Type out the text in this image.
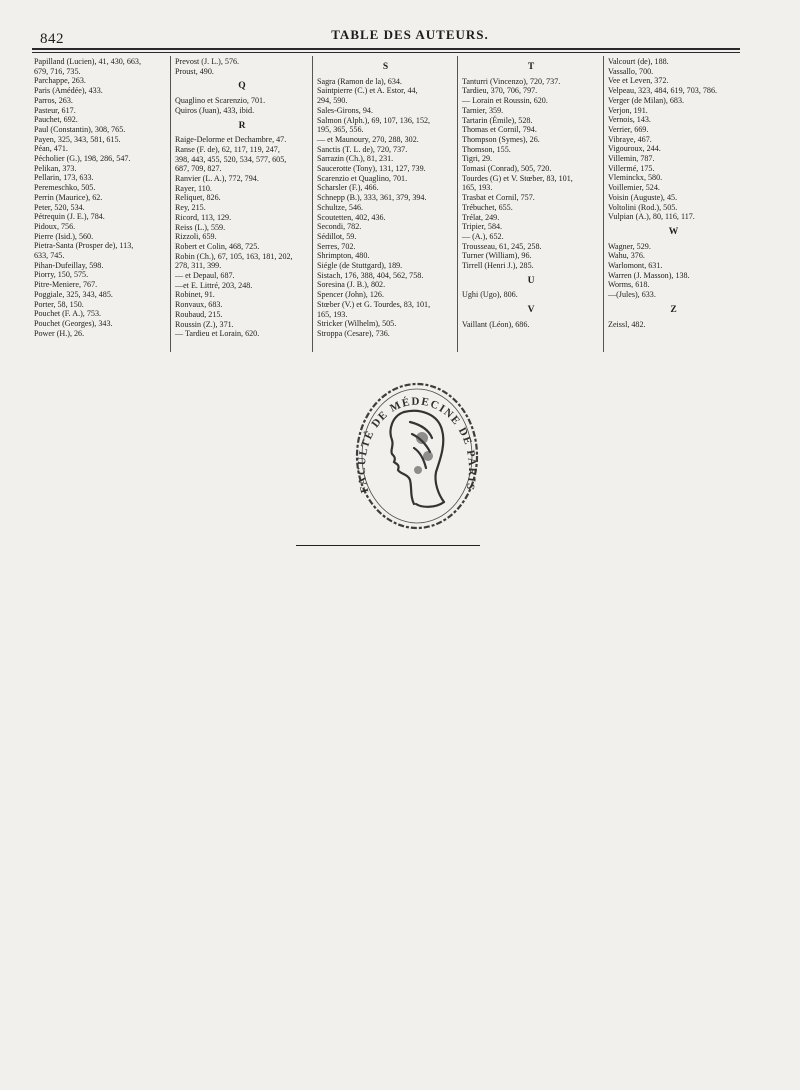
842	TABLE DES AUTEURS.
Papilland (Lucien), 41, 430, 663,
679, 716, 735.
Parchappe, 263.
Paris (Amédée), 433.
Parros, 263.
Pasteur, 617.
Pauchet, 692.
Paul (Constantin), 308, 765.
Payen, 325, 343, 581, 615.
Péan, 471.
Pécholier (G.), 198, 286, 547.
Pelikan, 373.
Pellarin, 173, 633.
Peremeschko, 505.
Perrin (Maurice), 62.
Peter, 520, 534.
Pétrequin (J. E.), 784.
Pidoux, 756.
Pierre (Isid.), 560.
Pietra-Santa (Prosper de), 113,
633, 745.
Pihan-Dufeillay, 598.
Piorry, 150, 575.
Pitre-Meniere, 767.
Poggiale, 325, 343, 485.
Porter, 58, 150.
Pouchet (F. A.), 753.
Pouchet (Georges), 343.
Power (H.), 26.
Prevost (J. L.), 576.
Proust, 490.
Q
Quaglino et Scarenzio, 701.
Quiros (Juan), 433, ibid.
R
Raige-Delorme et Dechambre, 47.
Ranse (F. de), 62, 117, 119, 247,
398, 443, 455, 520, 534, 577, 605,
687, 709, 827.
Ranvier (L. A.), 772, 794.
Rayer, 110.
Reliquet, 826.
Rey, 215.
Ricord, 113, 129.
Reiss (L.), 559.
Rizzoli, 659.
Robert et Colin, 468, 725.
Robin (Ch.), 67, 105, 163, 181, 202,
278, 311, 399.
— et Depaul, 687.
—et E. Littré, 203, 248.
Robinet, 91.
Ronvaux, 683.
Roubaud, 215.
Roussin (Z.), 371.
— Tardieu et Lorain, 620.
S
Sagra (Ramon de la), 634.
Saintpierre (C.) et A. Estor, 44,
294, 590.
Sales-Girons, 94.
Salmon (Alph.), 69, 107, 136, 152,
195, 365, 556.
— et Maunoury, 270, 288, 302.
Sanctis (T. L. de), 720, 737.
Sarrazin (Ch.), 81, 231.
Saucerotte (Tony), 131, 127, 739.
Scarenzio et Quaglino, 701.
Scharsler (F.), 466.
Schnepp (B.), 333, 361, 379, 394.
Schultze, 546.
Scoutetten, 402, 436.
Secondi, 782.
Sédillot, 59.
Serres, 702.
Shrimpton, 480.
Siégle (de Stuttgard), 189.
Sistach, 176, 388, 404, 562, 758.
Soresina (J. B.), 802.
Spencer (John), 126.
Stœber (V.) et G. Tourdes, 83, 101,
165, 193.
Stricker (Wilhelm), 505.
Stroppa (Cesare), 736.
T
Tanturri (Vincenzo), 720, 737.
Tardieu, 370, 706, 797.
— Lorain et Roussin, 620.
Tarnier, 359.
Tartarin (Émile), 528.
Thomas et Cornil, 794.
Thompson (Symes), 26.
Thomson, 155.
Tigri, 29.
Tomasi (Conrad), 505, 720.
Tourdes (G) et V. Stœber, 83, 101,
165, 193.
Trasbat et Cornil, 757.
Trébuchet, 655.
Trélat, 249.
Tripier, 584.
— (A.), 652.
Trousseau, 61, 245, 258.
Turner (William), 96.
Tirrell (Henri J.), 285.
U
Ughi (Ugo), 806.
V
Vaillant (Léon), 686.
Valcourt (de), 188.
Vassallo, 700.
Vee et Leven, 372.
Velpeau, 323, 484, 619, 703, 786.
Verger (de Milan), 683.
Verjon, 191.
Vernois, 143.
Verrier, 669.
Vibraye, 467.
Vigouroux, 244.
Villemin, 787.
Villermé, 175.
Vleminckx, 580.
Voillemier, 524.
Voisin (Auguste), 45.
Voltolini (Rod.), 505.
Vulpian (A.), 80, 116, 117.
W
Wagner, 529.
Wahu, 376.
Warlomont, 631.
Warren (J. Masson), 138.
Worms, 618.
—(Jules), 633.
Z
Zeissl, 482.
FACULTÉ DE MÉDECINE DE PARIS
